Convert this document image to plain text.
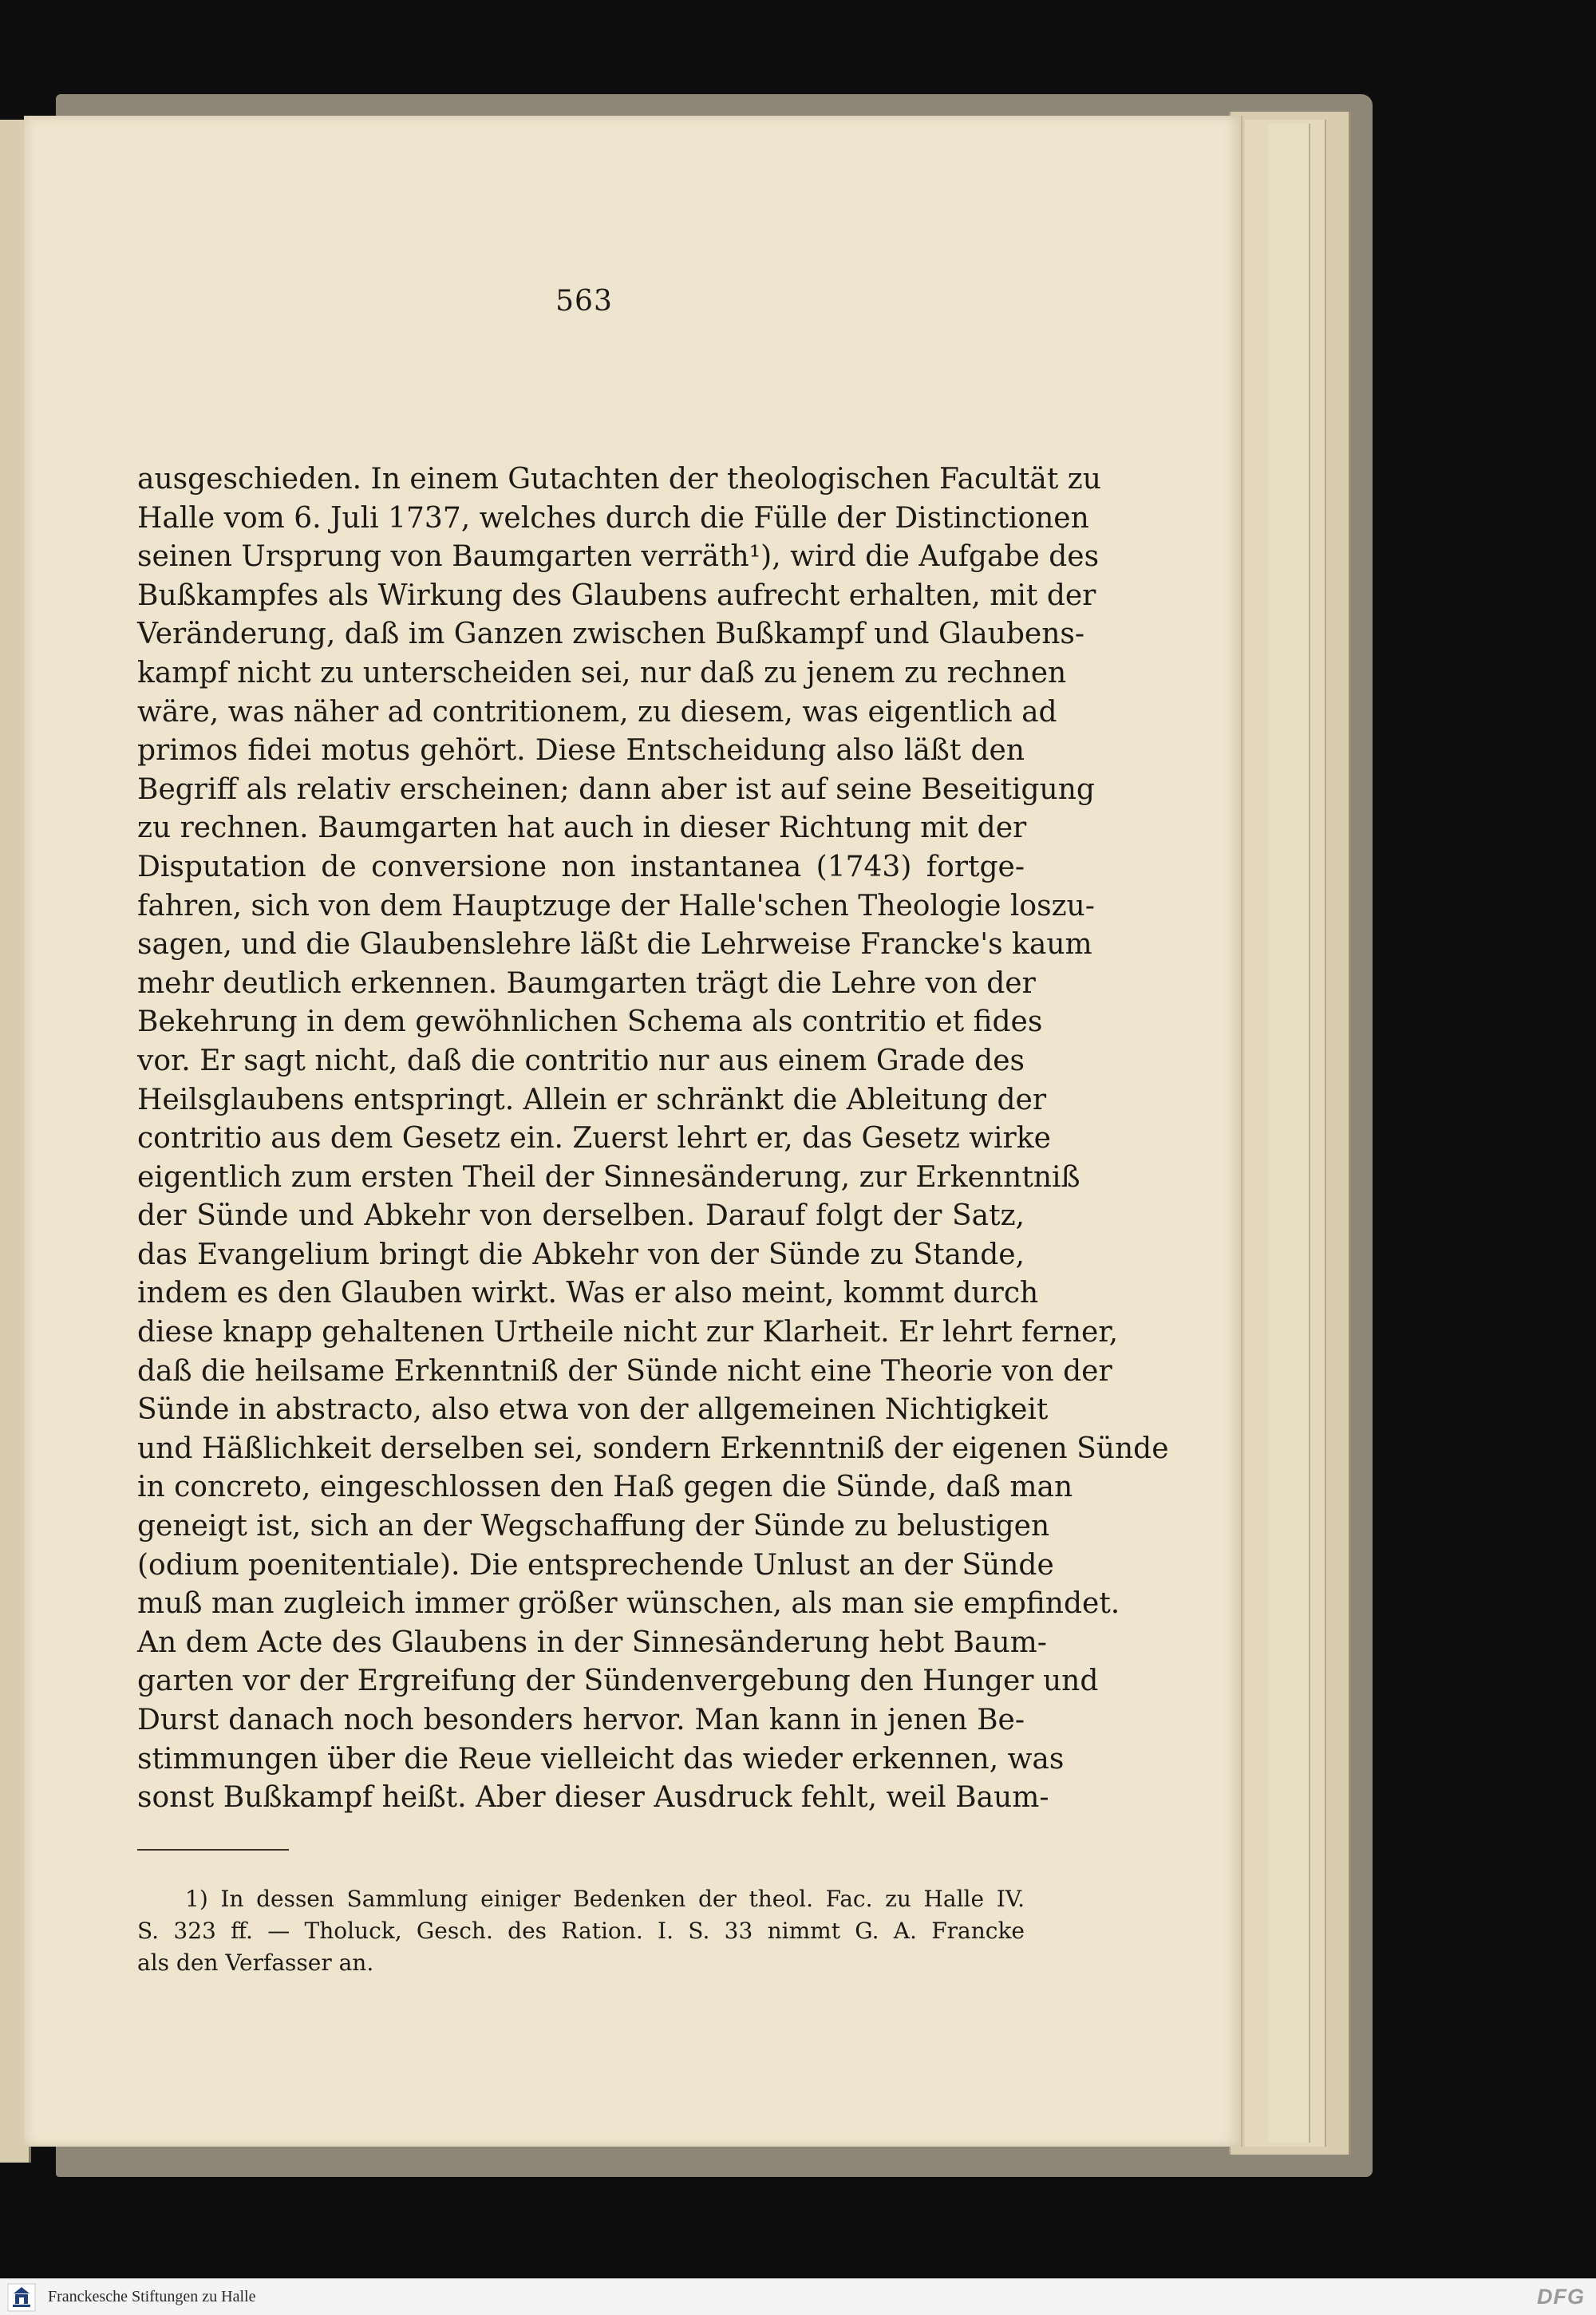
563
ausgeschieden. In einem Gutachten der theologischen Facultät zu
Halle vom 6. Juli 1737, welches durch die Fülle der Distinctionen
seinen Ursprung von Baumgarten verräth¹), wird die Aufgabe des
Bußkampfes als Wirkung des Glaubens aufrecht erhalten, mit der
Veränderung, daß im Ganzen zwischen Bußkampf und Glaubens-
kampf nicht zu unterscheiden sei, nur daß zu jenem zu rechnen
wäre, was näher ad contritionem, zu diesem, was eigentlich ad
primos fidei motus gehört. Diese Entscheidung also läßt den
Begriff als relativ erscheinen; dann aber ist auf seine Beseitigung
zu rechnen. Baumgarten hat auch in dieser Richtung mit der
Disputation de conversione non instantanea (1743) fortge-
fahren, sich von dem Hauptzuge der Halle'schen Theologie loszu-
sagen, und die Glaubenslehre läßt die Lehrweise Francke's kaum
mehr deutlich erkennen. Baumgarten trägt die Lehre von der
Bekehrung in dem gewöhnlichen Schema als contritio et fides
vor. Er sagt nicht, daß die contritio nur aus einem Grade des
Heilsglaubens entspringt. Allein er schränkt die Ableitung der
contritio aus dem Gesetz ein. Zuerst lehrt er, das Gesetz wirke
eigentlich zum ersten Theil der Sinnesänderung, zur Erkenntniß
der Sünde und Abkehr von derselben. Darauf folgt der Satz,
das Evangelium bringt die Abkehr von der Sünde zu Stande,
indem es den Glauben wirkt. Was er also meint, kommt durch
diese knapp gehaltenen Urtheile nicht zur Klarheit. Er lehrt ferner,
daß die heilsame Erkenntniß der Sünde nicht eine Theorie von der
Sünde in abstracto, also etwa von der allgemeinen Nichtigkeit
und Häßlichkeit derselben sei, sondern Erkenntniß der eigenen Sünde
in concreto, eingeschlossen den Haß gegen die Sünde, daß man
geneigt ist, sich an der Wegschaffung der Sünde zu belustigen
(odium poenitentiale). Die entsprechende Unlust an der Sünde
muß man zugleich immer größer wünschen, als man sie empfindet.
An dem Acte des Glaubens in der Sinnesänderung hebt Baum-
garten vor der Ergreifung der Sündenvergebung den Hunger und
Durst danach noch besonders hervor. Man kann in jenen Be-
stimmungen über die Reue vielleicht das wieder erkennen, was
sonst Bußkampf heißt. Aber dieser Ausdruck fehlt, weil Baum-
1) In dessen Sammlung einiger Bedenken der theol. Fac. zu Halle IV.
S. 323 ff. — Tholuck, Gesch. des Ration. I. S. 33 nimmt G. A. Francke
als den Verfasser an.
Franckesche Stiftungen zu Halle	DFG
